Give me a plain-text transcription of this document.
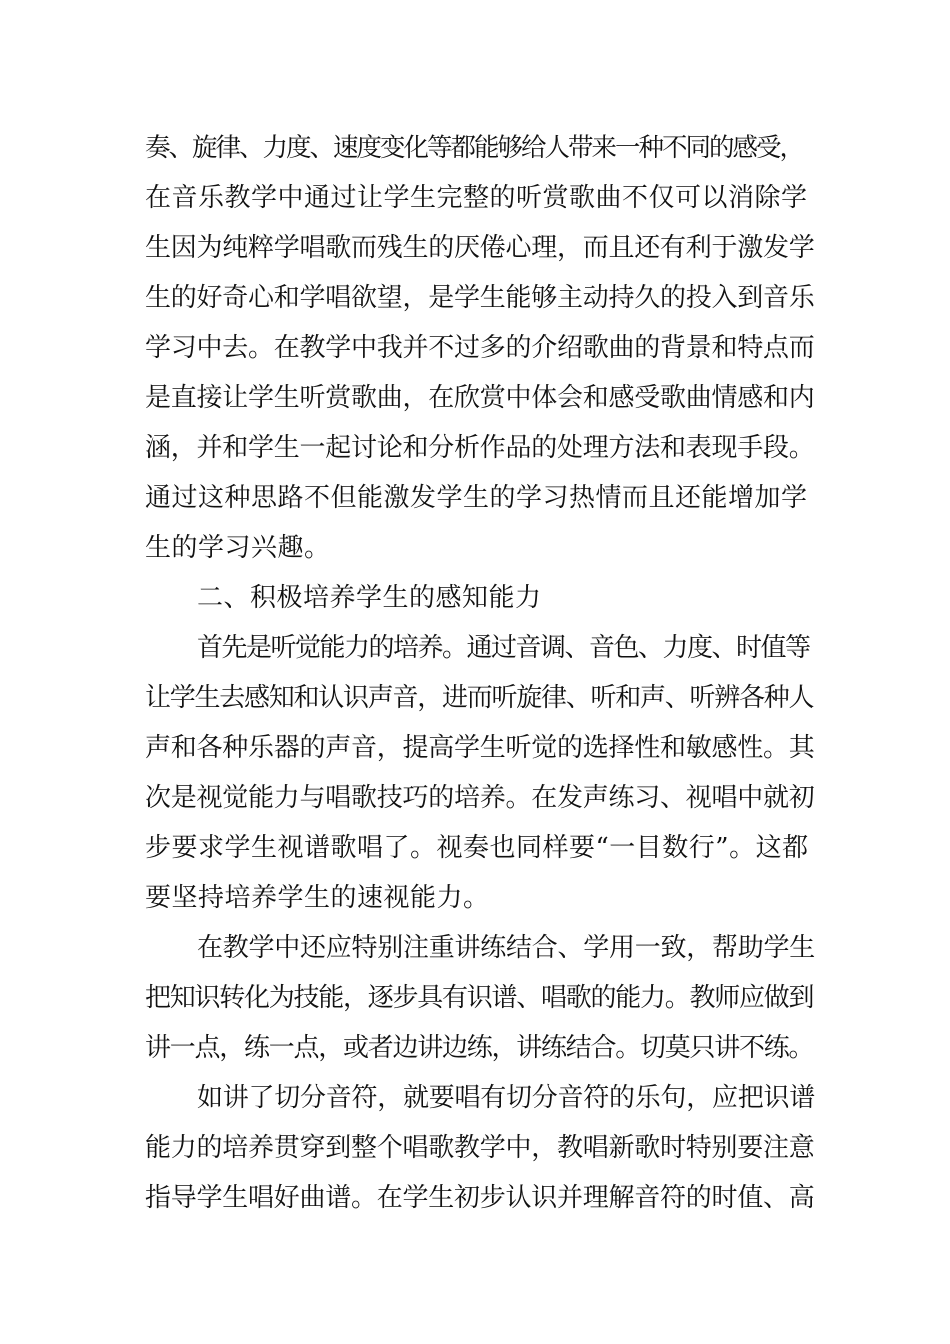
奏、旋律、力度、速度变化等都能够给人带来一种不同的感受，
在音乐教学中通过让学生完整的听赏歌曲不仅可以消除学
生因为纯粹学唱歌而残生的厌倦心理，而且还有利于激发学
生的好奇心和学唱欲望，是学生能够主动持久的投入到音乐
学习中去。在教学中我并不过多的介绍歌曲的背景和特点而
是直接让学生听赏歌曲，在欣赏中体会和感受歌曲情感和内
涵，并和学生一起讨论和分析作品的处理方法和表现手段。
通过这种思路不但能激发学生的学习热情而且还能增加学
生的学习兴趣。
二、积极培养学生的感知能力
首先是听觉能力的培养。通过音调、音色、力度、时值等
让学生去感知和认识声音，进而听旋律、听和声、听辨各种人
声和各种乐器的声音，提高学生听觉的选择性和敏感性。其
次是视觉能力与唱歌技巧的培养。在发声练习、视唱中就初
步要求学生视谱歌唱了。视奏也同样要“一目数行”。这都
要坚持培养学生的速视能力。
在教学中还应特别注重讲练结合、学用一致，帮助学生
把知识转化为技能，逐步具有识谱、唱歌的能力。教师应做到
讲一点，练一点，或者边讲边练，讲练结合。切莫只讲不练。
如讲了切分音符，就要唱有切分音符的乐句，应把识谱
能力的培养贯穿到整个唱歌教学中，教唱新歌时特别要注意
指导学生唱好曲谱。在学生初步认识并理解音符的时值、高
